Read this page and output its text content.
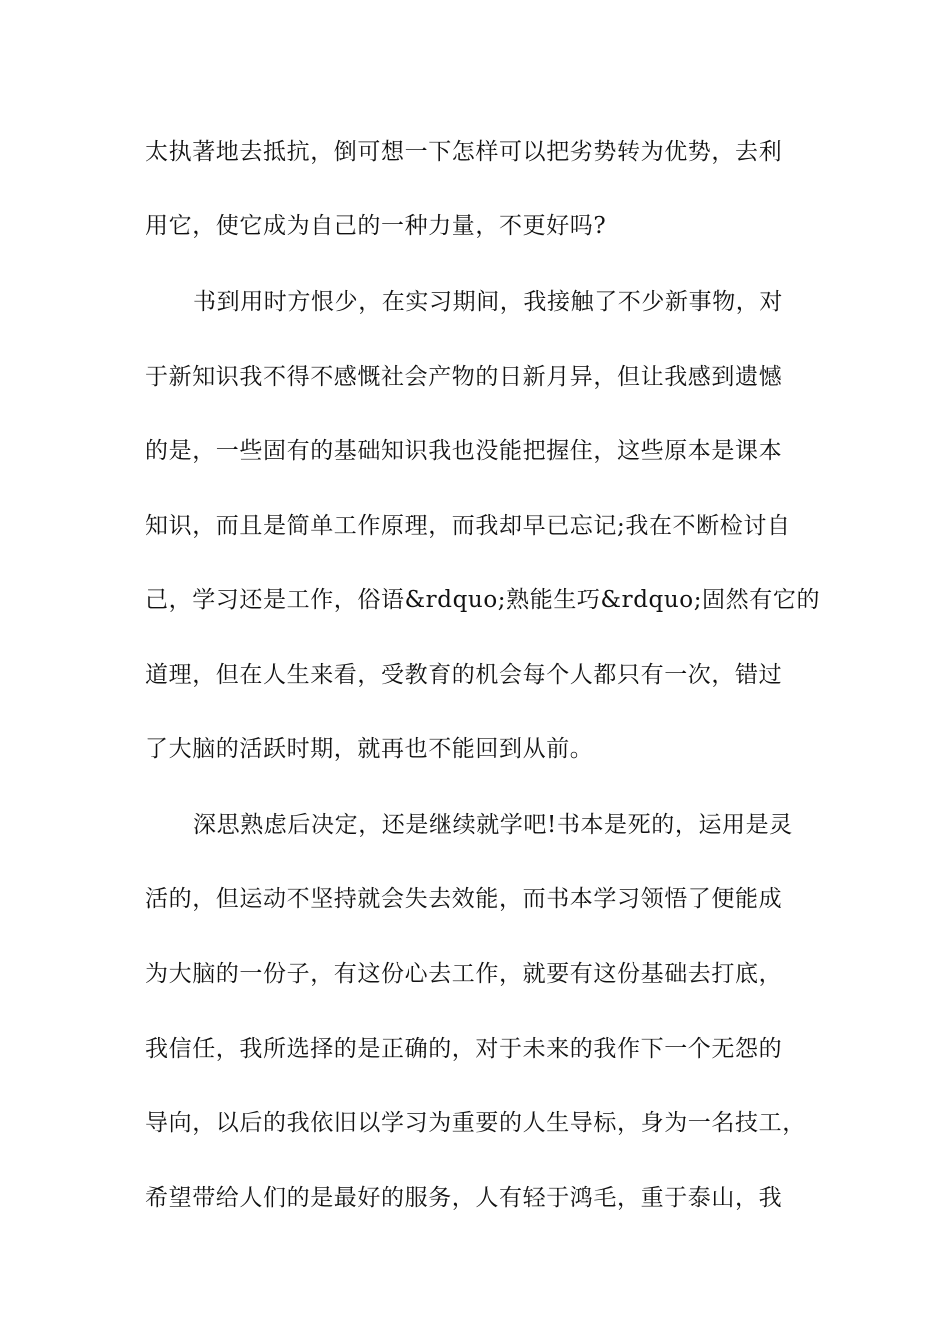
太执著地去抵抗，倒可想一下怎样可以把劣势转为优势，去利
用它，使它成为自己的一种力量，不更好吗?
书到用时方恨少，在实习期间，我接触了不少新事物，对
于新知识我不得不感慨社会产物的日新月异，但让我感到遗憾
的是，一些固有的基础知识我也没能把握住，这些原本是课本
知识，而且是简单工作原理，而我却早已忘记;我在不断检讨自
己，学习还是工作，俗语&rdquo;熟能生巧&rdquo;固然有它的
道理，但在人生来看，受教育的机会每个人都只有一次，错过
了大脑的活跃时期，就再也不能回到从前。
深思熟虑后决定，还是继续就学吧!书本是死的，运用是灵
活的，但运动不坚持就会失去效能，而书本学习领悟了便能成
为大脑的一份子，有这份心去工作，就要有这份基础去打底，
我信任，我所选择的是正确的，对于未来的我作下一个无怨的
导向，以后的我依旧以学习为重要的人生导标，身为一名技工，
希望带给人们的是最好的服务，人有轻于鸿毛，重于泰山，我
